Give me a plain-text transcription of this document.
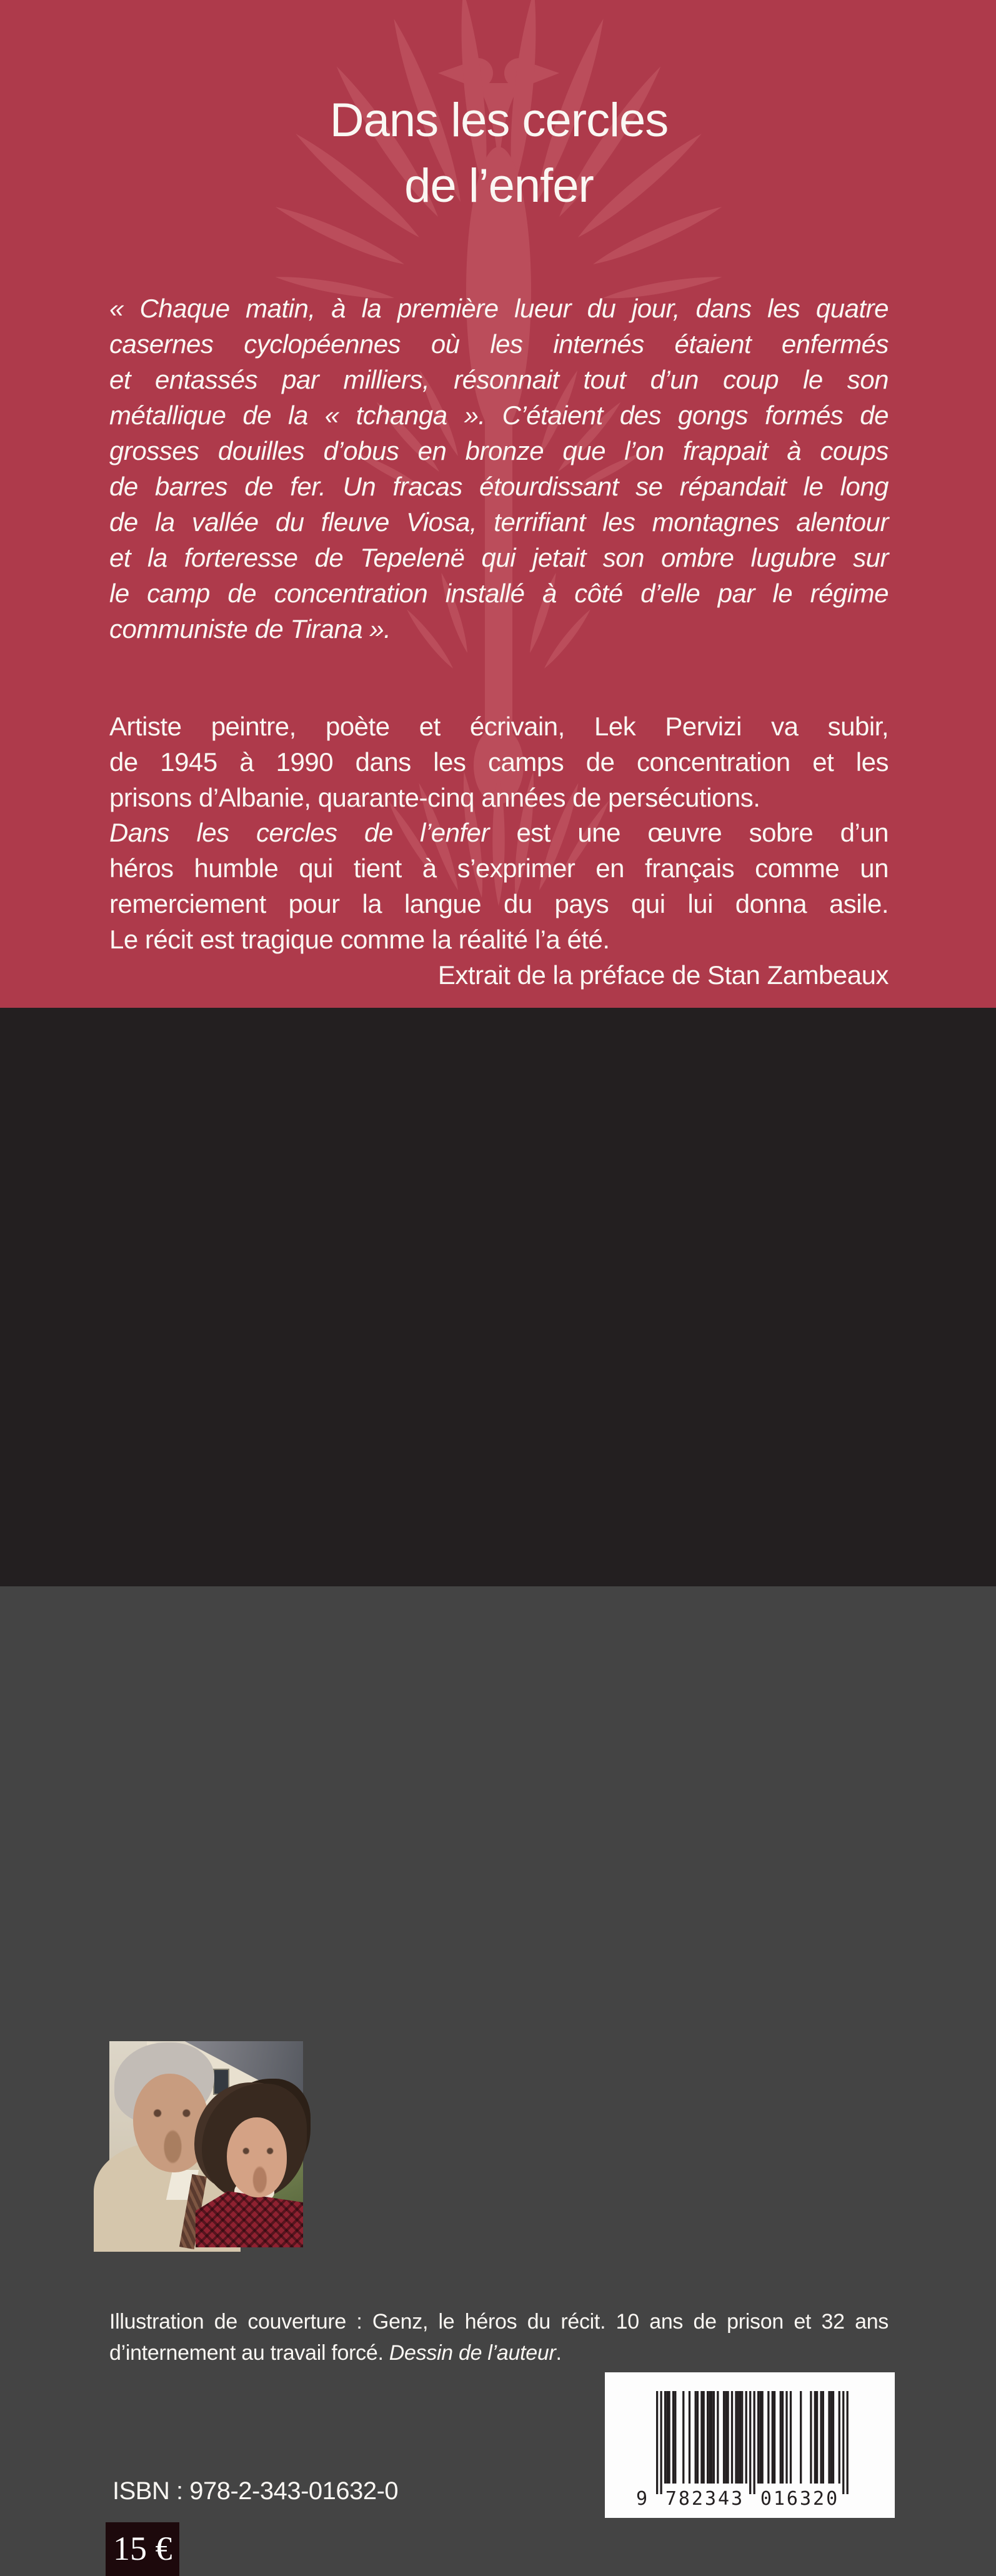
Dans les cercles
de l’enfer
« Chaque matin, à la première lueur du jour, dans les quatre
casernes cyclopéennes où les internés étaient enfermés
et entassés par milliers, résonnait tout d’un coup le son
métallique de la « tchanga ». C’étaient des gongs formés de
grosses douilles d’obus en bronze que l’on frappait à coups
de barres de fer. Un fracas étourdissant se répandait le long
de la vallée du fleuve Viosa, terrifiant les montagnes alentour
et la forteresse de Tepelenë qui jetait son ombre lugubre sur
le camp de concentration installé à côté d’elle par le régime
communiste de Tirana ».
Artiste peintre, poète et écrivain, Lek Pervizi va subir,
de 1945 à 1990 dans les camps de concentration et les
prisons d’Albanie, quarante-cinq années de persécutions.
Dans les cercles de l’enfer est une œuvre sobre d’un
héros humble qui tient à s’exprimer en français comme un
remerciement pour la langue du pays qui lui donna asile.
Le récit est tragique comme la réalité l’a été.
Extrait de la préface de Stan Zambeaux
Illustration de couverture : Genz, le héros du récit. 10 ans de prison et 32 ans
d’internement au travail forcé. Dessin de l’auteur.
ISBN : 978-2-343-01632-0
15 €
9 782343 016320
